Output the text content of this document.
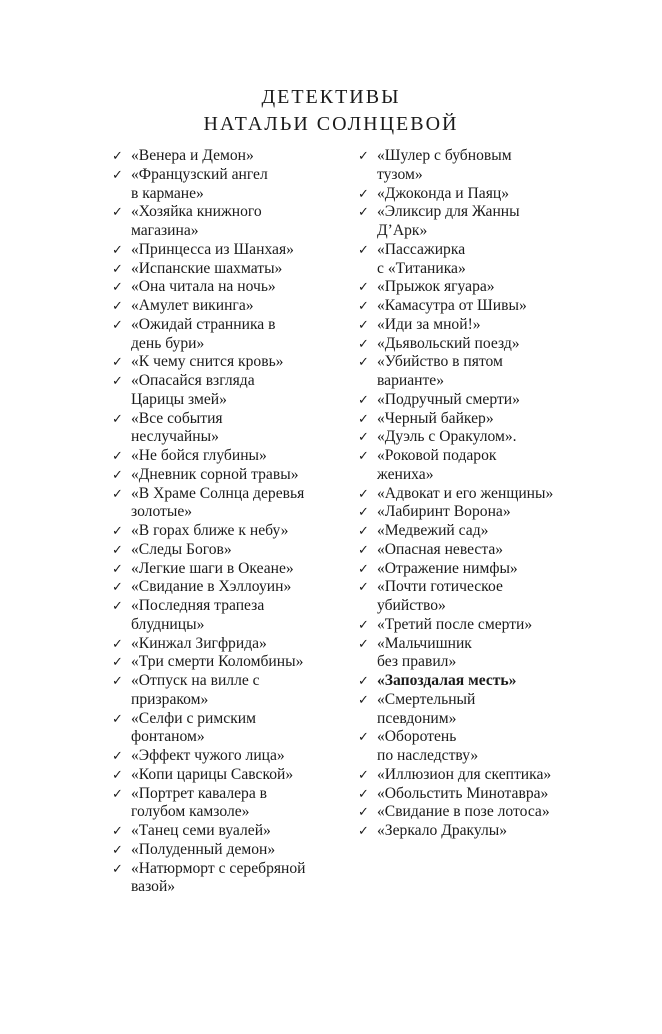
ДЕТЕКТИВЫ
НАТАЛЬИ СОЛНЦЕВОЙ
✓ «Венера и Демон»
✓ «Французский ангел
в кармане»
✓ «Хозяйка книжного
магазина»
✓ «Принцесса из Шанхая»
✓ «Испанские шахматы»
✓ «Она читала на ночь»
✓ «Амулет викинга»
✓ «Ожидай странника в
день бури»
✓ «К чему снится кровь»
✓ «Опасайся взгляда
Царицы змей»
✓ «Все события
неслучайны»
✓ «Не бойся глубины»
✓ «Дневник сорной травы»
✓ «В Храме Солнца деревья
золотые»
✓ «В горах ближе к небу»
✓ «Следы Богов»
✓ «Легкие шаги в Океане»
✓ «Свидание в Хэллоуин»
✓ «Последняя трапеза
блудницы»
✓ «Кинжал Зигфрида»
✓ «Три смерти Коломбины»
✓ «Отпуск на вилле с
призраком»
✓ «Селфи с римским
фонтаном»
✓ «Эффект чужого лица»
✓ «Копи царицы Савской»
✓ «Портрет кавалера в
голубом камзоле»
✓ «Танец семи вуалей»
✓ «Полуденный демон»
✓ «Натюрморт с серебряной
вазой»
✓ «Шулер с бубновым
тузом»
✓ «Джоконда и Паяц»
✓ «Эликсир для Жанны
Д’Арк»
✓ «Пассажирка
с «Титаника»
✓ «Прыжок ягуара»
✓ «Камасутра от Шивы»
✓ «Иди за мной!»
✓ «Дьявольский поезд»
✓ «Убийство в пятом
варианте»
✓ «Подручный смерти»
✓ «Черный байкер»
✓ «Дуэль с Оракулом».
✓ «Роковой подарок
жениха»
✓ «Адвокат и его женщины»
✓ «Лабиринт Ворона»
✓ «Медвежий сад»
✓ «Опасная невеста»
✓ «Отражение нимфы»
✓ «Почти готическое
убийство»
✓ «Третий после смерти»
✓ «Мальчишник
без правил»
✓ «Запоздалая месть»
✓ «Смертельный
псевдоним»
✓ «Оборотень
по наследству»
✓ «Иллюзион для скептика»
✓ «Обольстить Минотавра»
✓ «Свидание в позе лотоса»
✓ «Зеркало Дракулы»
